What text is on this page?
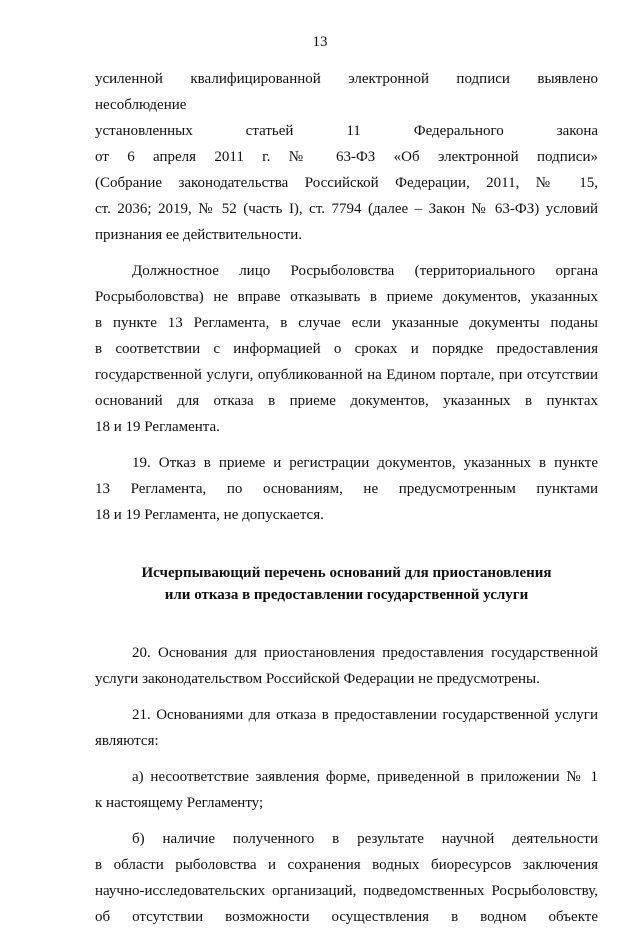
13

усиленной квалифицированной электронной подписи выявлено несоблюдение
установленных статьей 11 Федерального закона
от 6 апреля 2011 г. № 63-ФЗ «Об электронной подписи»
(Собрание законодательства Российской Федерации, 2011, № 15,
ст. 2036; 2019, № 52 (часть I), ст. 7794 (далее – Закон № 63-ФЗ) условий
признания ее действительности.

Должностное лицо Росрыболовства (территориального органа
Росрыболовства) не вправе отказывать в приеме документов, указанных
в пункте 13 Регламента, в случае если указанные документы поданы
в соответствии с информацией о сроках и порядке предоставления
государственной услуги, опубликованной на Едином портале, при отсутствии
оснований для отказа в приеме документов, указанных в пунктах
18 и 19 Регламента.

19. Отказ в приеме и регистрации документов, указанных в пункте
13 Регламента, по основаниям, не предусмотренным пунктами
18 и 19 Регламента, не допускается.

Исчерпывающий перечень оснований для приостановления
или отказа в предоставлении государственной услуги

20. Основания для приостановления предоставления государственной
услуги законодательством Российской Федерации не предусмотрены.

21. Основаниями для отказа в предоставлении государственной услуги
являются:

а) несоответствие заявления форме, приведенной в приложении № 1
к настоящему Регламенту;

б) наличие полученного в результате научной деятельности
в области рыболовства и сохранения водных биоресурсов заключения
научно-исследовательских организаций, подведомственных Росрыболовству,
об отсутствии возможности осуществления в водном объекте
